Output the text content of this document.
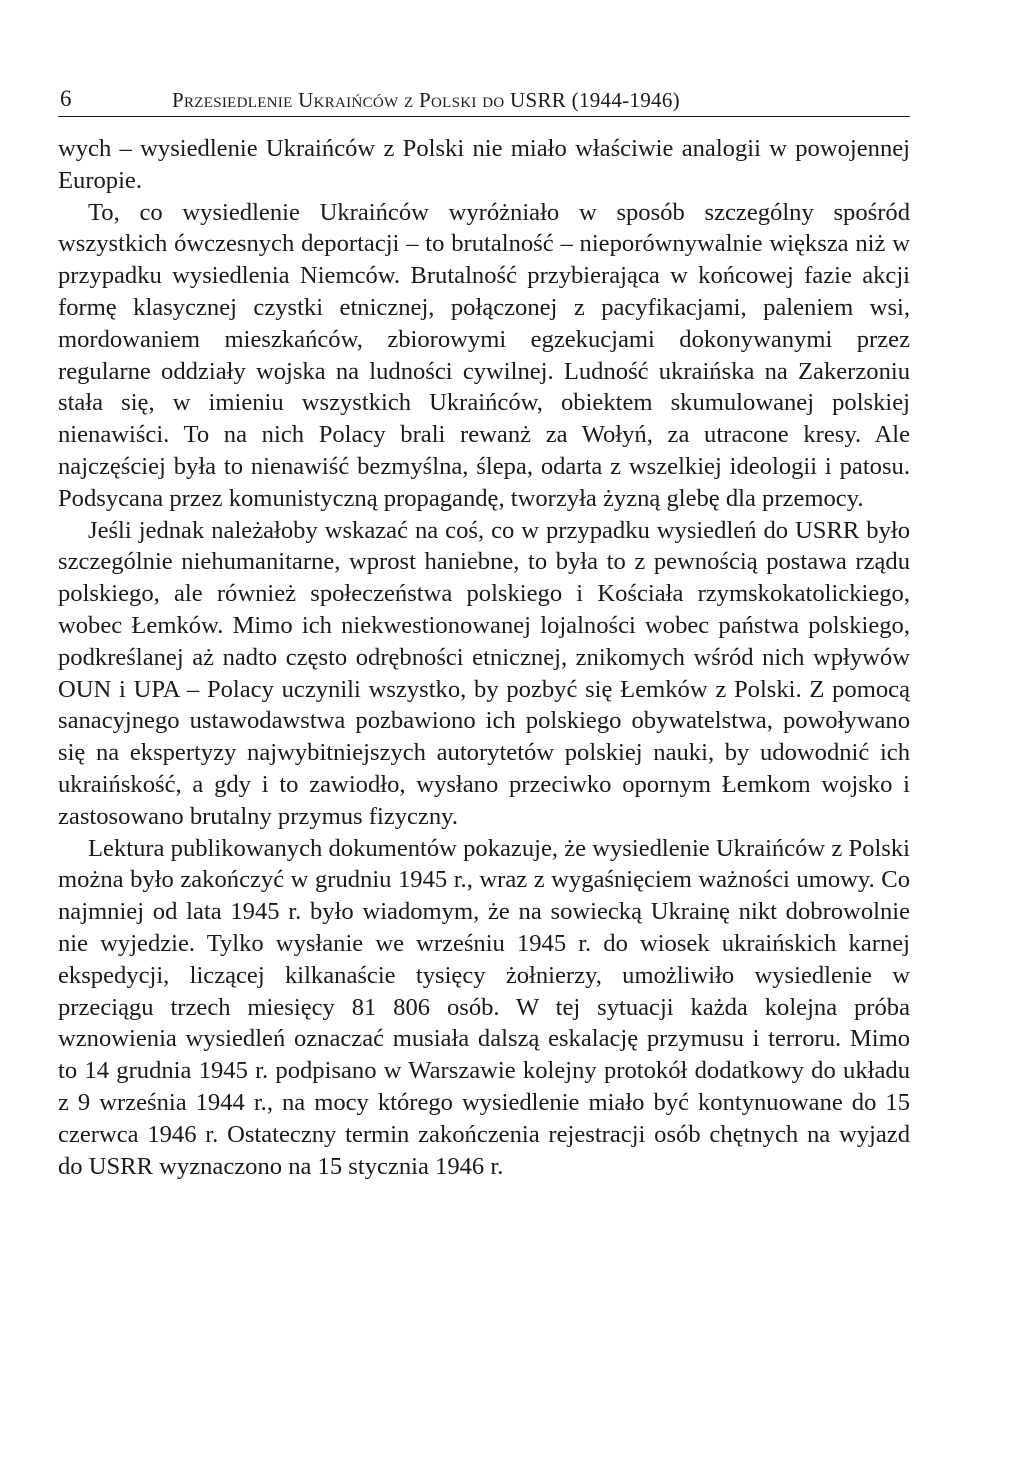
6	Przesiedlenie Ukraińców z Polski do USRR (1944-1946)

wych – wysiedlenie Ukraińców z Polski nie miało właściwie analogii w powojennej Europie.

To, co wysiedlenie Ukraińców wyróżniało w sposób szczególny spośród wszystkich ówczesnych deportacji – to brutalność – nieporównywalnie większa niż w przypadku wysiedlenia Niemców. Brutalność przybierająca w końcowej fazie akcji formę klasycznej czystki etnicznej, połączonej z pacyfikacjami, paleniem wsi, mordowaniem mieszkańców, zbiorowymi egzekucjami dokonywanymi przez regularne oddziały wojska na ludności cywilnej. Ludność ukraińska na Zakerzoniu stała się, w imieniu wszystkich Ukraińców, obiektem skumulowanej polskiej nienawiści. To na nich Polacy brali rewanż za Wołyń, za utracone kresy. Ale najczęściej była to nienawiść bezmyślna, ślepa, odarta z wszelkiej ideologii i patosu. Podsycana przez komunistyczną propagandę, tworzyła żyzną glebę dla przemocy.

Jeśli jednak należałoby wskazać na coś, co w przypadku wysiedleń do USRR było szczególnie niehumanitarne, wprost haniebne, to była to z pewnością postawa rządu polskiego, ale również społeczeństwa polskiego i Kościała rzymskokatolickiego, wobec Łemków. Mimo ich niekwestionowanej lojalności wobec państwa polskiego, podkreślanej aż nadto często odrębności etnicznej, znikomych wśród nich wpływów OUN i UPA – Polacy uczynili wszystko, by pozbyć się Łemków z Polski. Z pomocą sanacyjnego ustawodawstwa pozbawiono ich polskiego obywatelstwa, powoływano się na ekspertyzy najwybitniejszych autorytetów polskiej nauki, by udowodnić ich ukraińskość, a gdy i to zawiodło, wysłano przeciwko opornym Łemkom wojsko i zastosowano brutalny przymus fizyczny.

Lektura publikowanych dokumentów pokazuje, że wysiedlenie Ukraińców z Polski można było zakończyć w grudniu 1945 r., wraz z wygaśnięciem ważności umowy. Co najmniej od lata 1945 r. było wiadomym, że na sowiecką Ukrainę nikt dobrowolnie nie wyjedzie. Tylko wysłanie we wrześniu 1945 r. do wiosek ukraińskich karnej ekspedycji, liczącej kilkanaście tysięcy żołnierzy, umożliwiło wysiedlenie w przeciągu trzech miesięcy 81 806 osób. W tej sytuacji każda kolejna próba wznowienia wysiedleń oznaczać musiała dalszą eskalację przymusu i terroru. Mimo to 14 grudnia 1945 r. podpisano w Warszawie kolejny protokół dodatkowy do układu z 9 września 1944 r., na mocy którego wysiedlenie miało być kontynuowane do 15 czerwca 1946 r. Ostateczny termin zakończenia rejestracji osób chętnych na wyjazd do USRR wyznaczono na 15 stycznia 1946 r.
